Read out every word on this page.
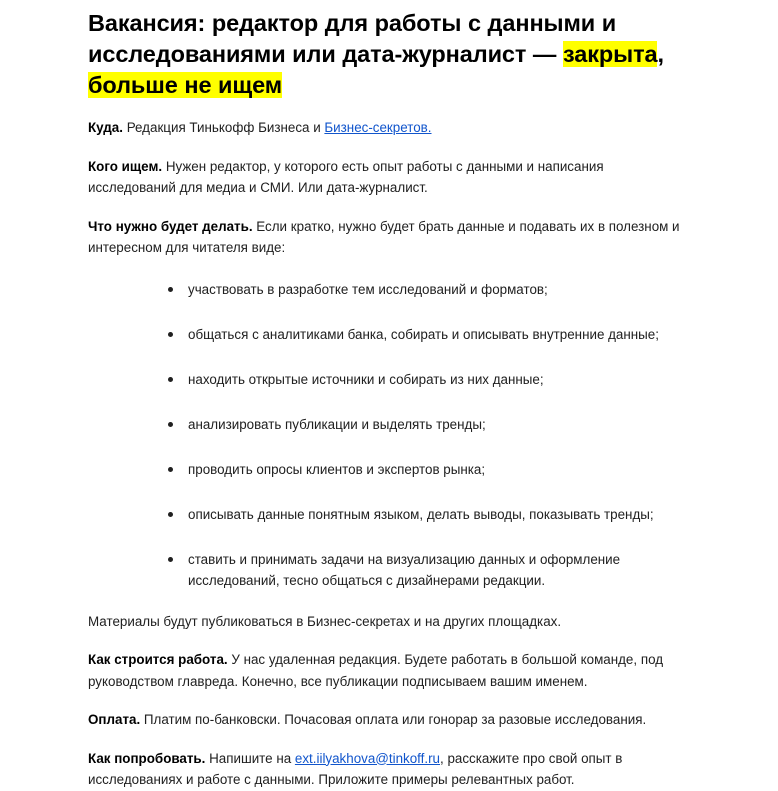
Вакансия: редактор для работы с данными и исследованиями или дата-журналист — закрыта, больше не ищем

Куда. Редакция Тинькофф Бизнеса и Бизнес-секретов.

Кого ищем. Нужен редактор, у которого есть опыт работы с данными и написания исследований для медиа и СМИ. Или дата-журналист.

Что нужно будет делать. Если кратко, нужно будет брать данные и подавать их в полезном и интересном для читателя виде:

участвовать в разработке тем исследований и форматов;
общаться с аналитиками банка, собирать и описывать внутренние данные;
находить открытые источники и собирать из них данные;
анализировать публикации и выделять тренды;
проводить опросы клиентов и экспертов рынка;
описывать данные понятным языком, делать выводы, показывать тренды;
ставить и принимать задачи на визуализацию данных и оформление исследований, тесно общаться с дизайнерами редакции.

Материалы будут публиковаться в Бизнес-секретах и на других площадках.

Как строится работа. У нас удаленная редакция. Будете работать в большой команде, под руководством главреда. Конечно, все публикации подписываем вашим именем.

Оплата. Платим по-банковски. Почасовая оплата или гонорар за разовые исследования.

Как попробовать. Напишите на ext.iilyakhova@tinkoff.ru, расскажите про свой опыт в исследованиях и работе с данными. Приложите примеры релевантных работ.
